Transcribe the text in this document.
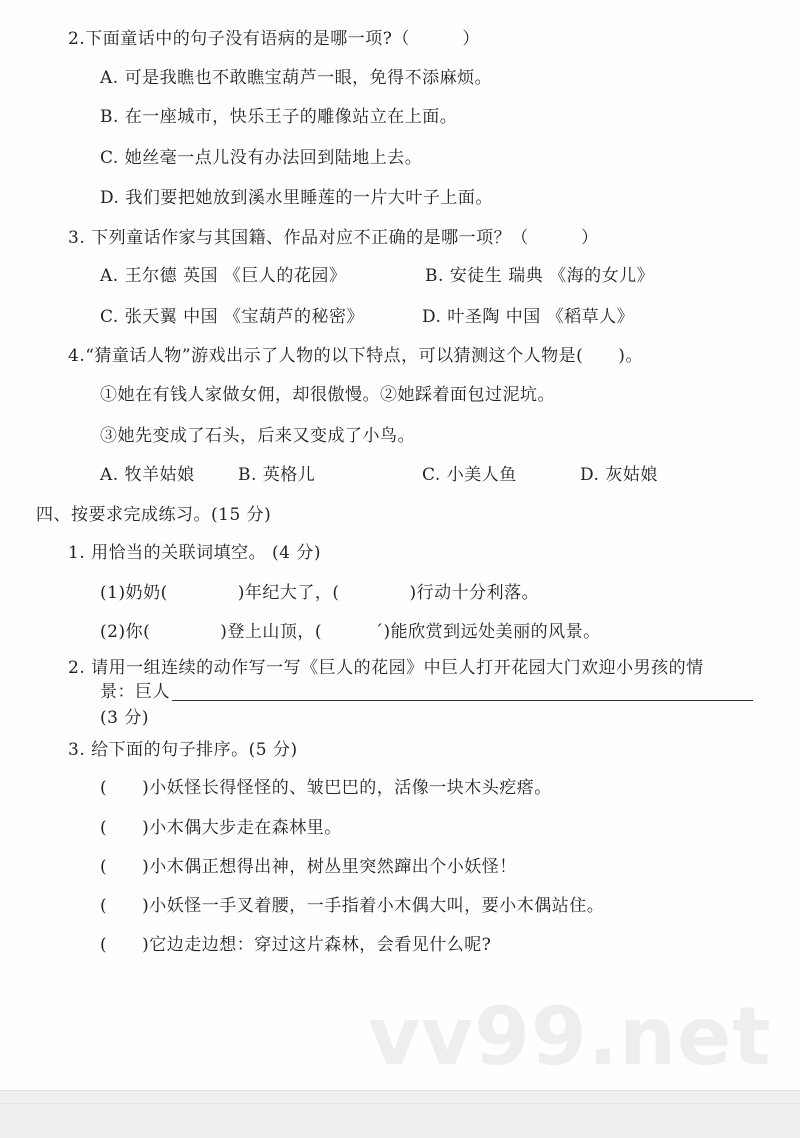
2.下面童话中的句子没有语病的是哪一项?（　　　）
A. 可是我瞧也不敢瞧宝葫芦一眼，免得不添麻烦。
B. 在一座城市，快乐王子的雕像站立在上面。
C. 她丝毫一点儿没有办法回到陆地上去。
D. 我们要把她放到溪水里睡莲的一片大叶子上面。
3. 下列童话作家与其国籍、作品对应不正确的是哪一项？（　　　）
A. 王尔德 英国 《巨人的花园》	B. 安徒生 瑞典 《海的女儿》
C. 张天翼 中国 《宝葫芦的秘密》	D. 叶圣陶 中国 《稻草人》
4.“猜童话人物”游戏出示了人物的以下特点，可以猜测这个人物是(　　)。
①她在有钱人家做女佣，却很傲慢。②她踩着面包过泥坑。
③她先变成了石头，后来又变成了小鸟。
A. 牧羊姑娘	B. 英格儿	C. 小美人鱼	D. 灰姑娘
四、按要求完成练习。(15 分)
1. 用恰当的关联词填空。 (4 分)
(1)奶奶(　　　　)年纪大了，(　　　　)行动十分利落。
(2)你(　　　　)登上山顶，(　　　´)能欣赏到远处美丽的风景。
2. 请用一组连续的动作写一写《巨人的花园》中巨人打开花园大门欢迎小男孩的情
景：巨人
(3 分)
3. 给下面的句子排序。(5 分)
(　　)小妖怪长得怪怪的、皱巴巴的，活像一块木头疙瘩。
(　　)小木偶大步走在森林里。
(　　)小木偶正想得出神，树丛里突然蹿出个小妖怪！
(　　)小妖怪一手叉着腰，一手指着小木偶大叫，要小木偶站住。
(　　)它边走边想：穿过这片森林，会看见什么呢?
vv99.net
